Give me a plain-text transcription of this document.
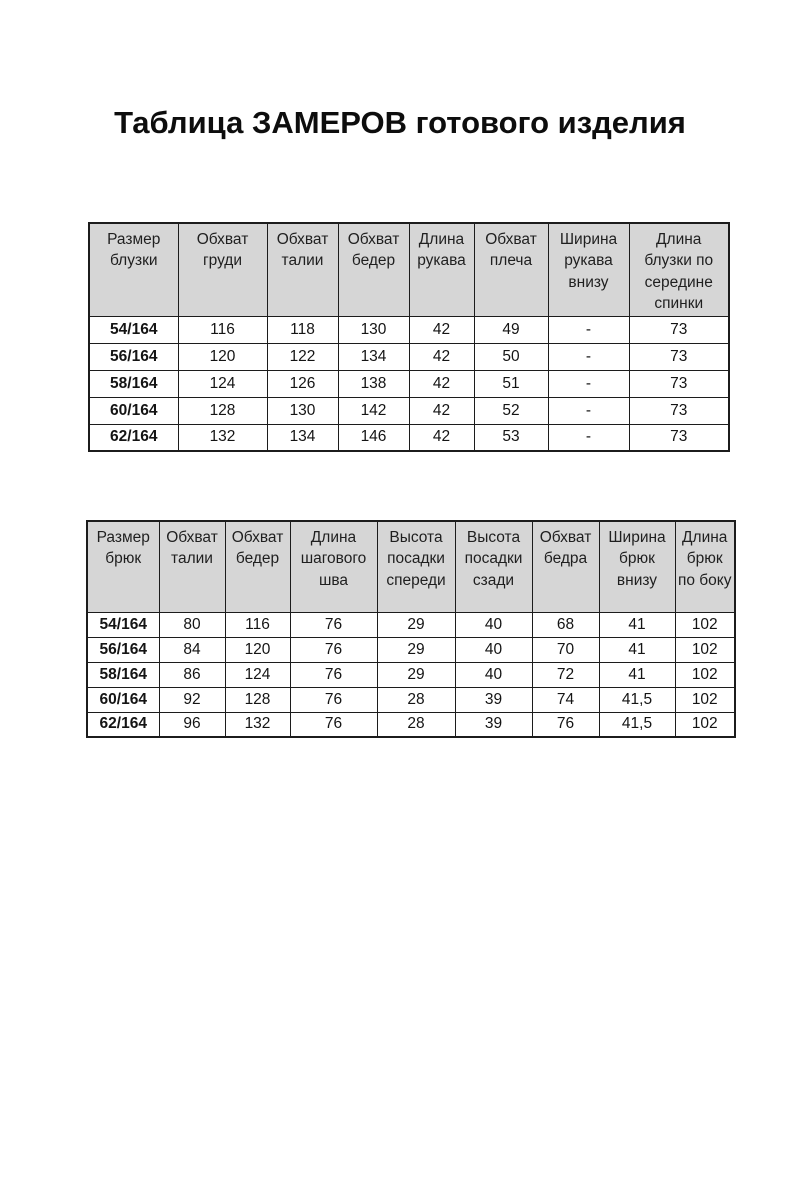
Таблица ЗАМЕРОВ готового изделия
Размер блузки	Обхват груди	Обхват талии	Обхват бедер	Длина рукава	Обхват плеча	Ширина рукава внизу	Длина блузки по середине спинки
54/164	116	118	130	42	49	-	73
56/164	120	122	134	42	50	-	73
58/164	124	126	138	42	51	-	73
60/164	128	130	142	42	52	-	73
62/164	132	134	146	42	53	-	73
Размер брюк	Обхват талии	Обхват бедер	Длина шагового шва	Высота посадки спереди	Высота посадки сзади	Обхват бедра	Ширина брюк внизу	Длина брюк по боку
54/164	80	116	76	29	40	68	41	102
56/164	84	120	76	29	40	70	41	102
58/164	86	124	76	29	40	72	41	102
60/164	92	128	76	28	39	74	41,5	102
62/164	96	132	76	28	39	76	41,5	102
